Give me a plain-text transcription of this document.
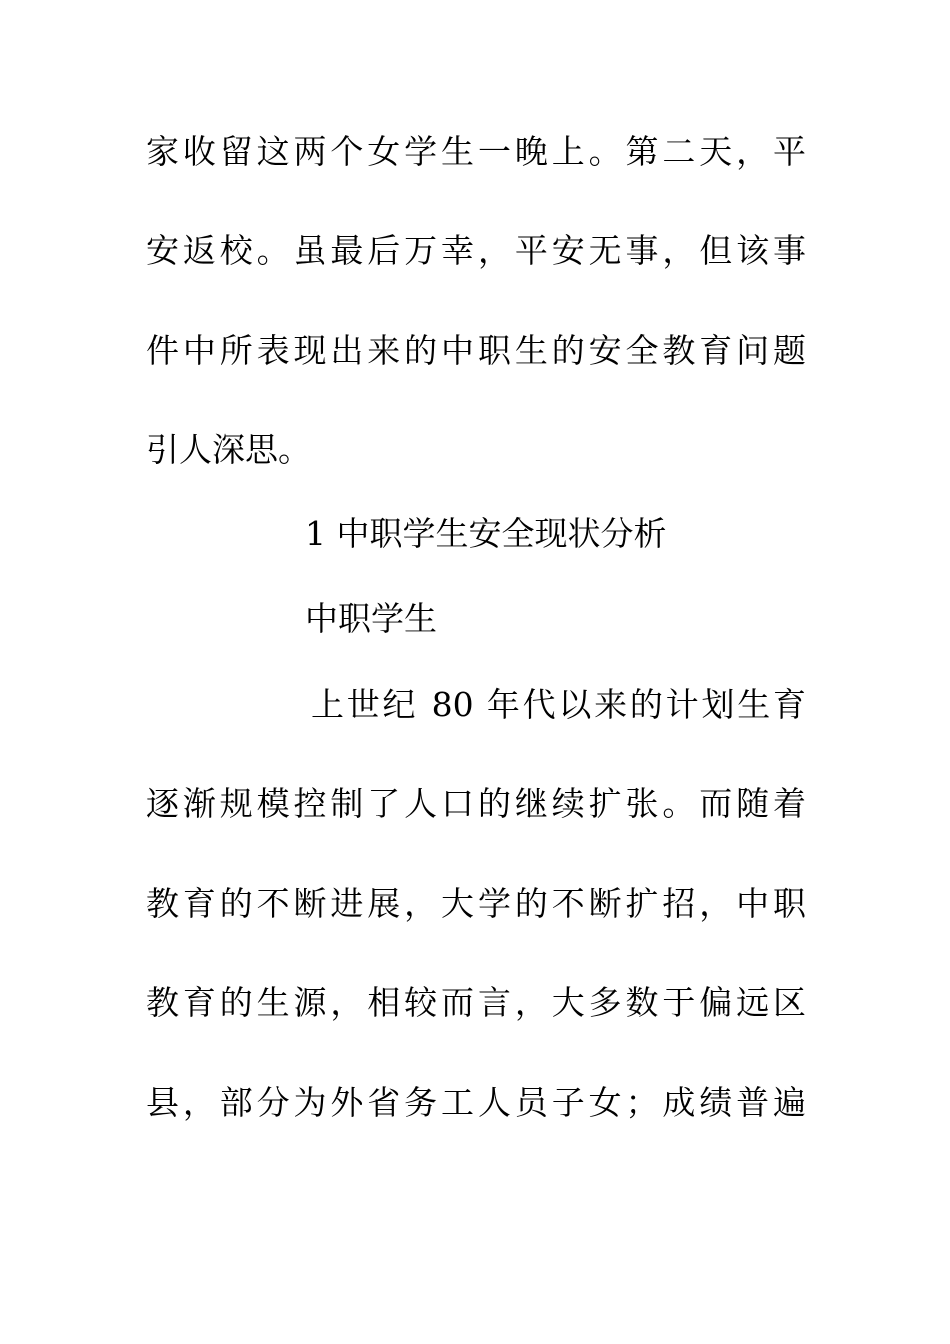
家收留这两个女学生一晚上。第二天，平
安返校。虽最后万幸，平安无事，但该事
件中所表现出来的中职生的安全教育问题
引人深思。
1 中职学生安全现状分析
中职学生
上世纪 80 年代以来的计划生育
逐渐规模控制了人口的继续扩张。而随着
教育的不断进展，大学的不断扩招，中职
教育的生源，相较而言，大多数于偏远区
县，部分为外省务工人员子女；成绩普遍
